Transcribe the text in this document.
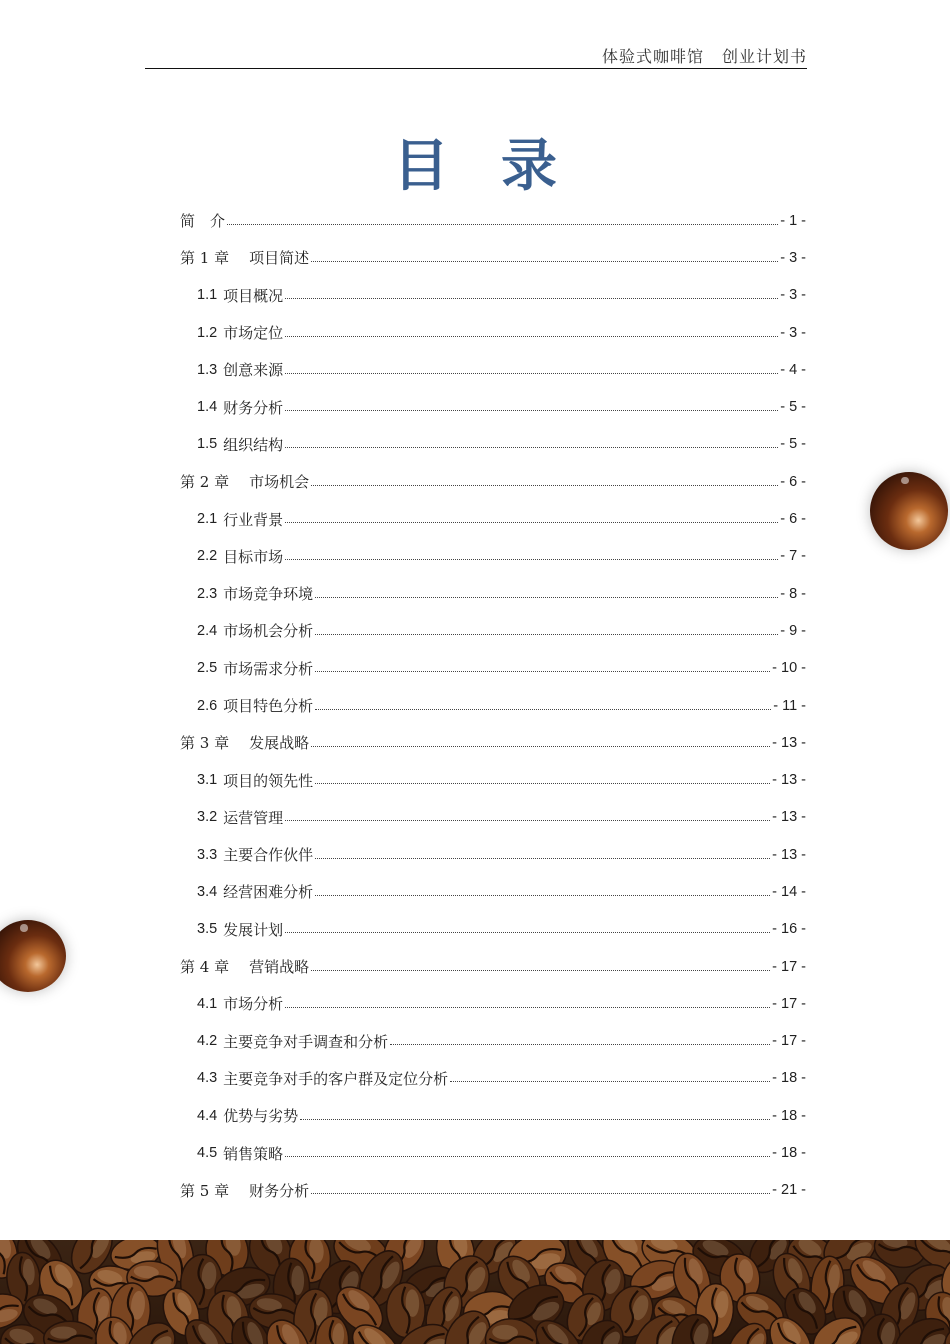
体验式咖啡馆 创业计划书
目 录
简　介	- 1 -
第 1 章 项目简述	- 3 -
1.1 项目概况	- 3 -
1.2 市场定位	- 3 -
1.3 创意来源	- 4 -
1.4 财务分析	- 5 -
1.5 组织结构	- 5 -
第 2 章 市场机会	- 6 -
2.1 行业背景	- 6 -
2.2 目标市场	- 7 -
2.3 市场竞争环境	- 8 -
2.4 市场机会分析	- 9 -
2.5 市场需求分析	- 10 -
2.6 项目特色分析	- 11 -
第 3 章 发展战略	- 13 -
3.1 项目的领先性	- 13 -
3.2 运营管理	- 13 -
3.3 主要合作伙伴	- 13 -
3.4 经营困难分析	- 14 -
3.5 发展计划	- 16 -
第 4 章 营销战略	- 17 -
4.1 市场分析	- 17 -
4.2 主要竞争对手调查和分析	- 17 -
4.3 主要竞争对手的客户群及定位分析	- 18 -
4.4 优势与劣势	- 18 -
4.5 销售策略	- 18 -
第 5 章 财务分析	- 21 -
